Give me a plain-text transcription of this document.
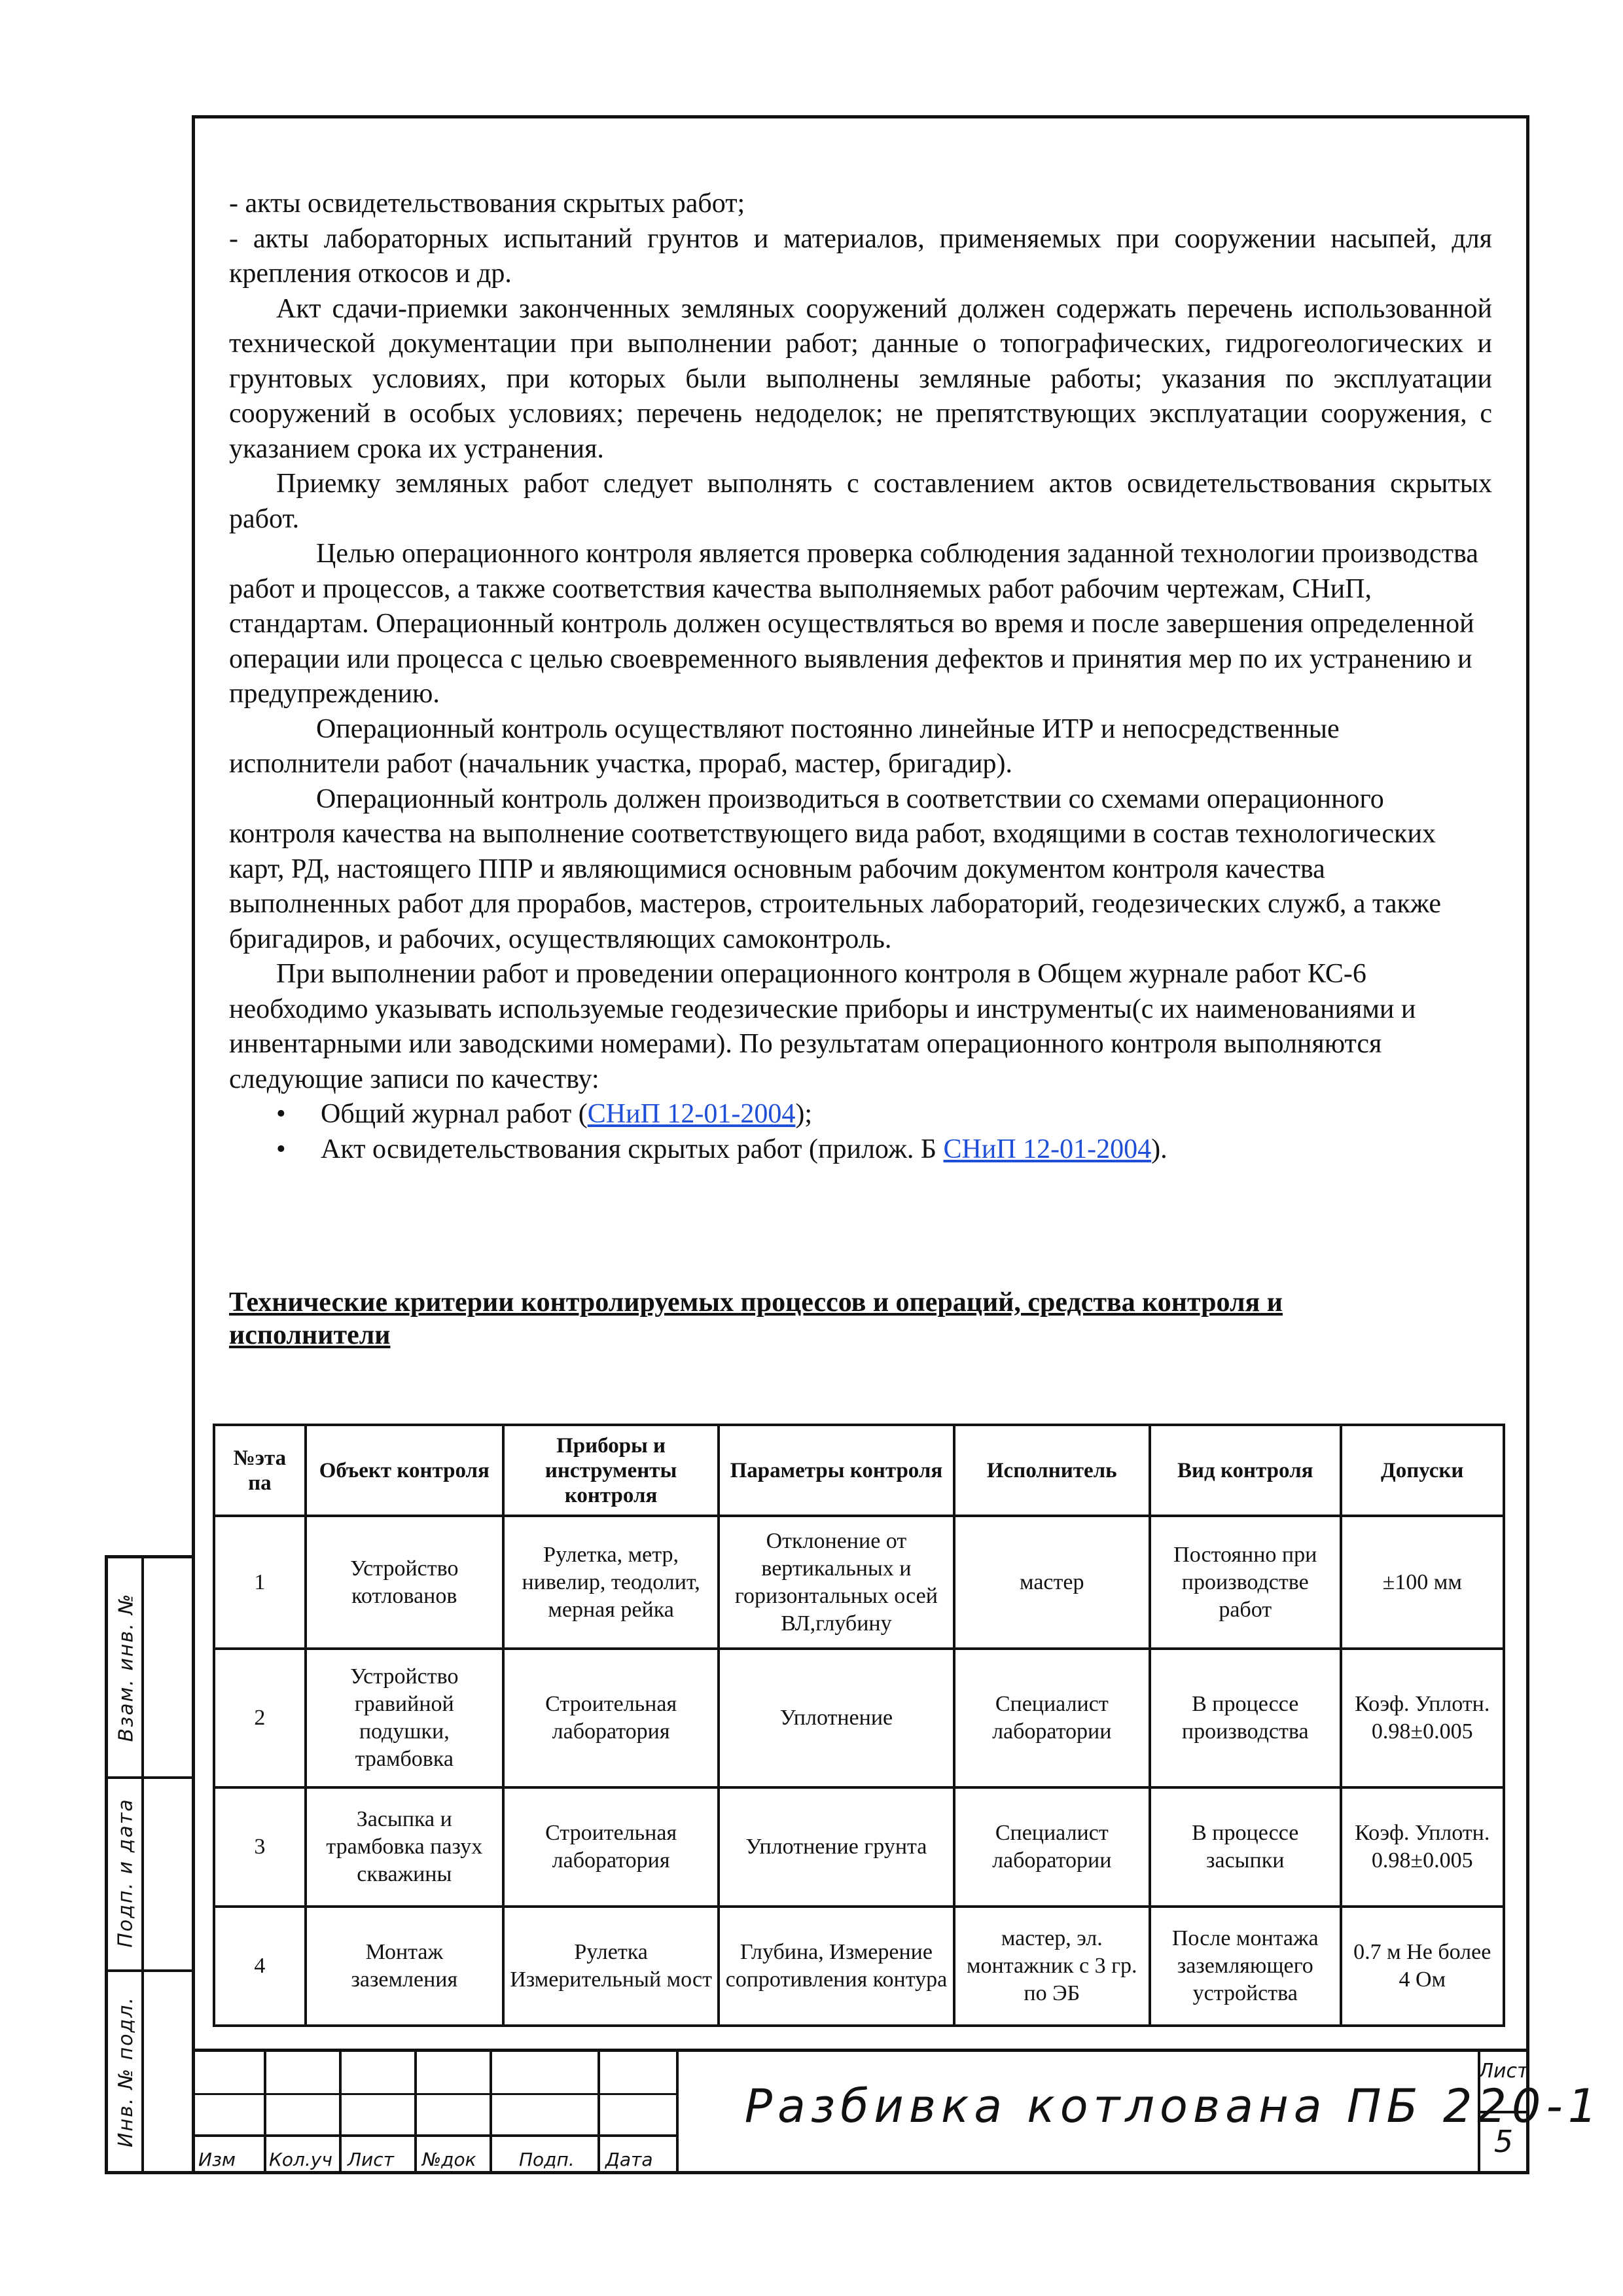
Взам. инв. №
Подп. и дата
Инв. № подл.

- акты освидетельствования скрытых работ;

- акты лабораторных испытаний грунтов и материалов, применяемых при сооружении насыпей, для крепления откосов и др.

Акт сдачи-приемки законченных земляных сооружений должен содержать перечень использованной технической документации при выполнении работ; данные о топографических, гидрогеологических и грунтовых условиях, при которых были выполнены земляные работы; указания по эксплуатации сооружений в особых условиях; перечень недоделок; не препятствующих эксплуатации сооружения, с указанием срока их устранения.

Приемку земляных работ следует выполнять с составлением актов освидетельствования скрытых работ.

Целью операционного контроля является проверка соблюдения заданной технологии производства работ и процессов, а также соответствия качества выполняемых работ рабочим чертежам, СНиП, стандартам. Операционный контроль должен осуществляться во время и после завершения определенной операции или процесса с целью своевременного выявления дефектов и принятия мер по их устранению и предупреждению.

Операционный контроль осуществляют постоянно линейные ИТР и непосредственные исполнители работ (начальник участка, прораб, мастер, бригадир).

Операционный контроль должен производиться в соответствии со схемами операционного контроля качества на выполнение соответствующего вида работ, входящими в состав технологических карт, РД, настоящего ППР и являющимися основным рабочим документом контроля качества выполненных работ для прорабов, мастеров, строительных лабораторий, геодезических служб, а также бригадиров, и рабочих, осуществляющих самоконтроль.

При выполнении работ и проведении операционного контроля в Общем журнале работ КС-6 необходимо указывать используемые геодезические приборы и инструменты(с их наименованиями и инвентарными или заводскими номерами). По результатам операционного контроля выполняются следующие записи по качеству:

• Общий журнал работ (СНиП 12-01-2004);
• Акт освидетельствования скрытых работ (прилож. Б СНиП 12-01-2004).
Технические критерии контролируемых процессов и операций, средства контроля и исполнители
№эта па	Объект контроля	Приборы и инструменты контроля	Параметры контроля	Исполнитель	Вид контроля	Допуски
1	Устройство котлованов	Рулетка, метр, нивелир, теодолит, мерная рейка	Отклонение от вертикальных и горизонтальных осей ВЛ,глубину	мастер	Постоянно при производстве работ	±100 мм
2	Устройство гравийной подушки, трамбовка	Строительная лаборатория	Уплотнение	Специалист лаборатории	В процессе производства	Коэф. Уплотн. 0.98±0.005
3	Засыпка и трамбовка пазух скважины	Строительная лаборатория	Уплотнение грунта	Специалист лаборатории	В процессе засыпки	Коэф. Уплотн. 0.98±0.005
4	Монтаж заземления	Рулетка Измерительный мост	Глубина, Измерение сопротивления контура	мастер, эл. монтажник с 3 гр. по ЭБ	После монтажа заземляющего устройства	0.7 м Не более 4 Ом
Изм Кол.уч Лист №док Подп. Дата
Разбивка котлована ПБ 220-1
Лист
5
